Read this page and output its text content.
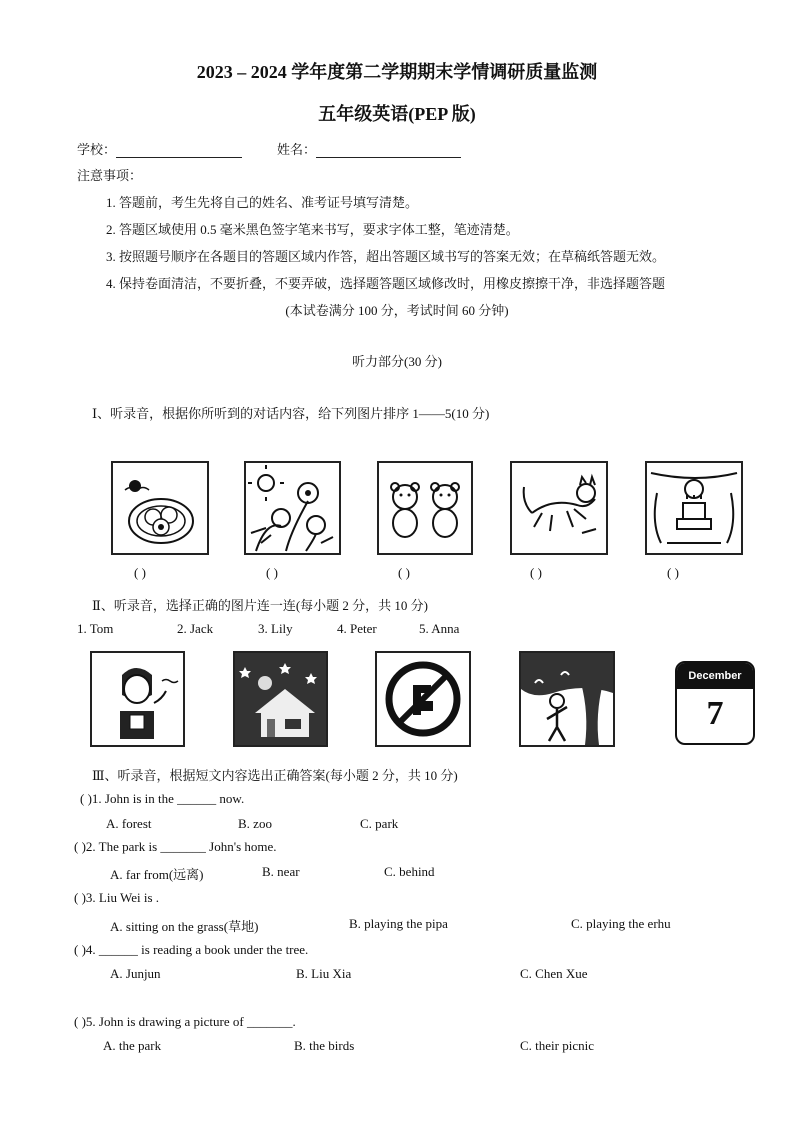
2023 – 2024 学年度第二学期期末学情调研质量监测
五年级英语(PEP 版)
学校：	姓名：
注意事项：
1. 答题前，考生先将自己的姓名、准考证号填写清楚。
2. 答题区域使用 0.5 毫米黑色签字笔来书写，要求字体工整，笔迹清楚。
3. 按照题号顺序在各题目的答题区域内作答，超出答题区域书写的答案无效；在草稿纸答题无效。
4. 保持卷面清洁，不要折叠，不要弄破，选择题答题区域修改时，用橡皮擦擦干净，非选择题答题
(本试卷满分 100 分，考试时间 60 分钟)
听力部分(30 分)
Ⅰ、听录音，根据你所听到的对话内容，给下列图片排序 1——5(10 分)
( )	( )	( )	( )	( )
Ⅱ、听录音，选择正确的图片连一连(每小题 2 分，共 10 分)
1. Tom	2. Jack	3. Lily	4. Peter	5. Anna
December
7
Ⅲ、听录音，根据短文内容选出正确答案(每小题 2 分，共 10 分)
( )1. John is in the ______ now.
A. forest	B. zoo	C. park
( )2. The park is _______ John's home.
A. far from(远离)	B. near	C. behind
( )3. Liu Wei is .
A. sitting on the grass(草地)	B. playing the pipa	C. playing the erhu
( )4. ______ is reading a book under the tree.
A. Junjun	B. Liu Xia	C. Chen Xue
( )5. John is drawing a picture of _______.
A. the park	B. the birds	C. their picnic
